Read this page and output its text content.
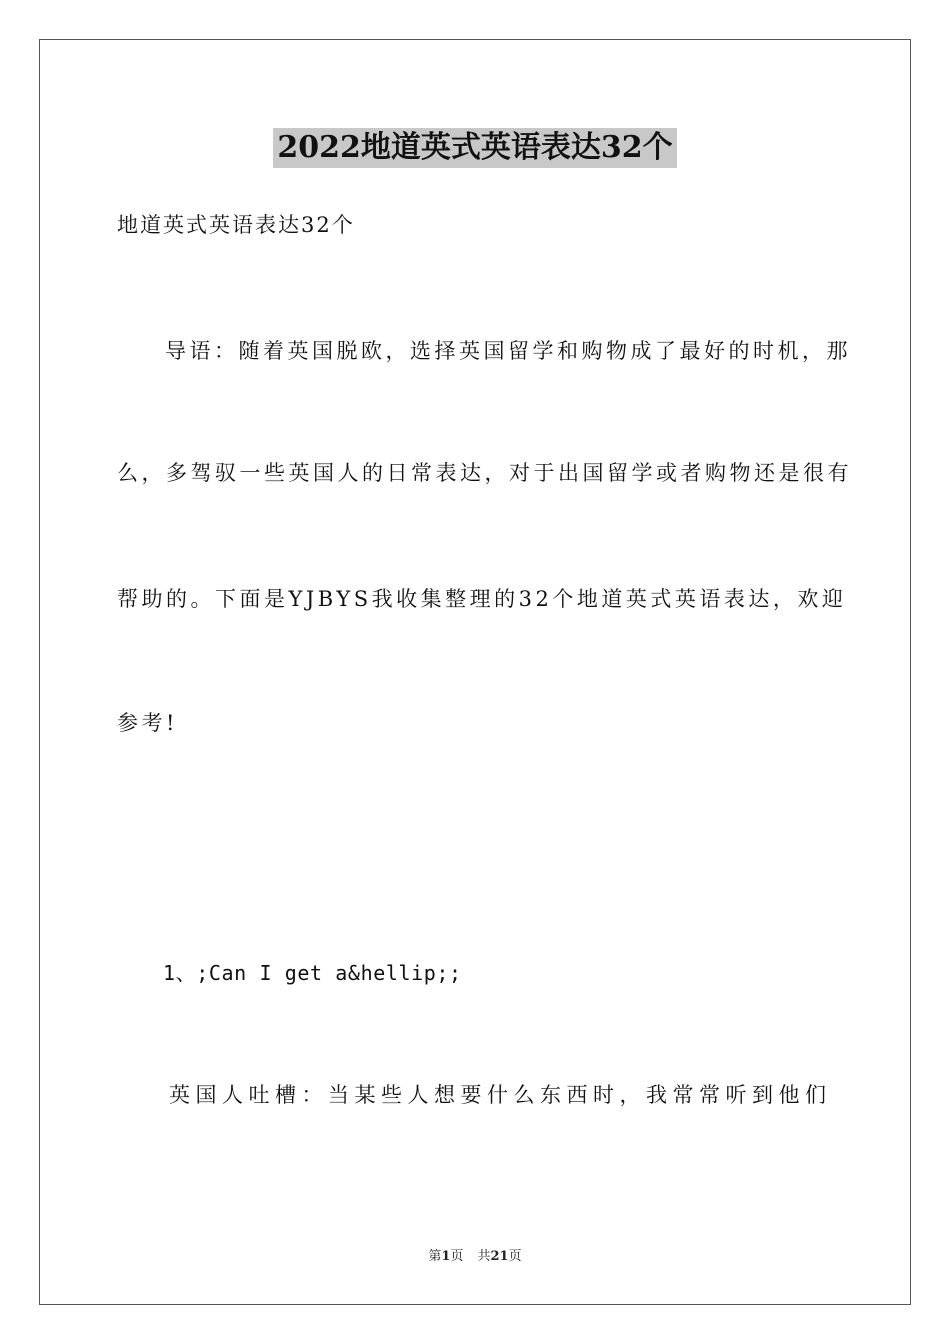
2022地道英式英语表达32个
地道英式英语表达32个
导语：随着英国脱欧，选择英国留学和购物成了最好的时机，那
么，多驾驭一些英国人的日常表达，对于出国留学或者购物还是很有
帮助的。下面是YJBYS我收集整理的32个地道英式英语表达，欢迎
参考!
1、;Can I get a&hellip;;
英国人吐槽：当某些人想要什么东西时，我常常听到他们
第1页 共21页
